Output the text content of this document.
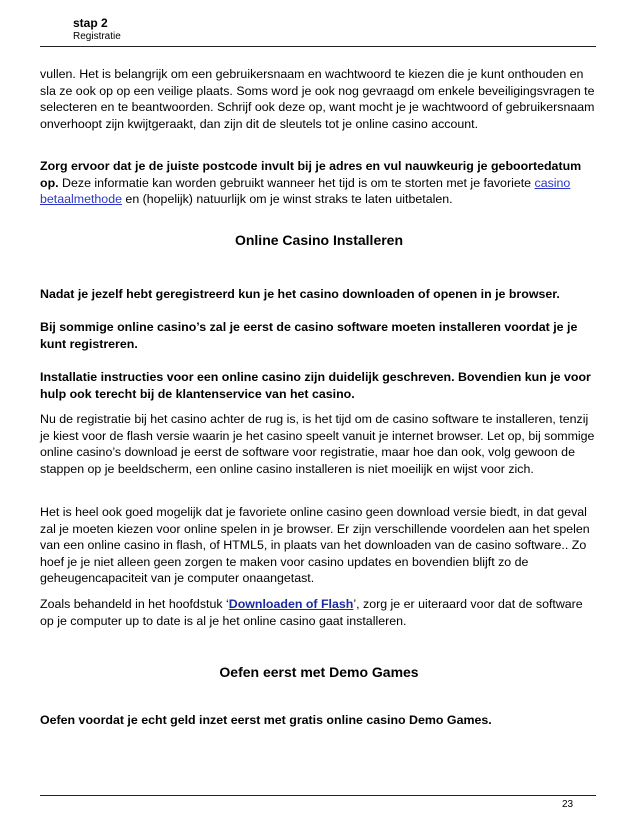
stap 2
Registratie

vullen. Het is belangrijk om een gebruikersnaam en wachtwoord te kiezen die je kunt onthouden en sla ze ook op op een veilige plaats. Soms word je ook nog gevraagd om enkele beveiligingsvragen te selecteren en te beantwoorden. Schrijf ook deze op, want mocht je je wachtwoord of gebruikersnaam onverhoopt zijn kwijtgeraakt, dan zijn dit de sleutels tot je online casino account.

Zorg ervoor dat je de juiste postcode invult bij je adres en vul nauwkeurig je geboortedatum op. Deze informatie kan worden gebruikt wanneer het tijd is om te storten met je favoriete casino betaalmethode en (hopelijk) natuurlijk om je winst straks te laten uitbetalen.

Online Casino Installeren

Nadat je jezelf hebt geregistreerd kun je het casino downloaden of openen in je browser.

Bij sommige online casino’s zal je eerst de casino software moeten installeren voordat je je kunt registreren.

Installatie instructies voor een online casino zijn duidelijk geschreven. Bovendien kun je voor hulp ook terecht bij de klantenservice van het casino.

Nu de registratie bij het casino achter de rug is, is het tijd om de casino software te installeren, tenzij je kiest voor de flash versie waarin je het casino speelt vanuit je internet browser. Let op, bij sommige online casino’s download je eerst de software voor registratie, maar hoe dan ook, volg gewoon de stappen op je beeldscherm, een online casino installeren is niet moeilijk en wijst voor zich.

Het is heel ook goed mogelijk dat je favoriete online casino geen download versie biedt, in dat geval zal je moeten kiezen voor online spelen in je browser. Er zijn verschillende voordelen aan het spelen van een online casino in flash, of HTML5, in plaats van het downloaden van de casino software.. Zo hoef je je niet alleen geen zorgen te maken voor casino updates en bovendien blijft zo de geheugencapaciteit van je computer onaangetast.

Zoals behandeld in het hoofdstuk ‘Downloaden of Flash’, zorg je er uiteraard voor dat de software op je computer up to date is al je het online casino gaat installeren.

Oefen eerst met Demo Games

Oefen voordat je echt geld inzet eerst met gratis online casino Demo Games.

23
